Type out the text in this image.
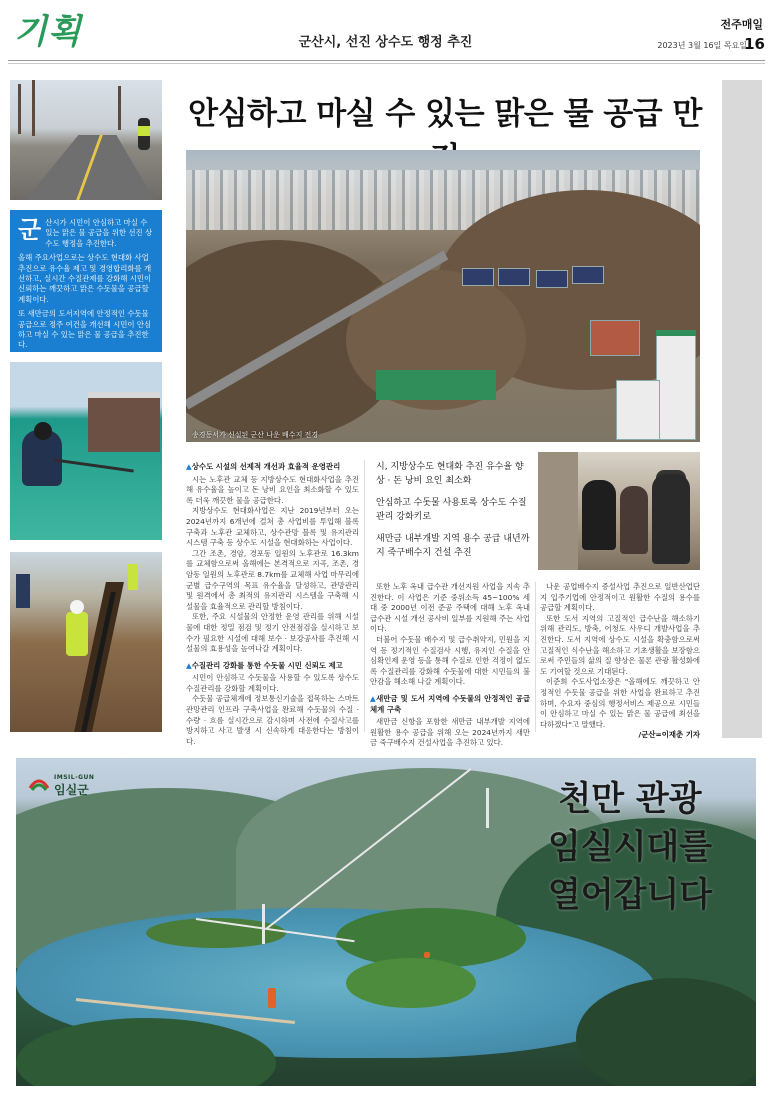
기획	군산시, 선진 상수도 행정 추진
전주매일
2023년 3월 16일 목요일
16
군 산시가 시민이 안심하고 마실 수 있는 맑은 물 공급을 위한 선진 상수도 행정을 추진한다.

올해 주요사업으로는 상수도 현대화 사업 추진으로 유수율 제고 및 경영합리화를 개선하고, 실시간 수질관제를 강화해 시민이 신뢰하는 깨끗하고 맑은 수돗물을 공급할 계획이다.

또 새만금의 도서지역에 안정적인 수돗물 공급으로 정주 여건을 개선해 시민이 안심하고 마실 수 있는 맑은 물 공급을 추진한다.

안심하고 마실 수 있는 맑은 물 공급 만
송경동서가 신설된 군산 나운 배수지 전경

▲상수도 시설의 선제적 개선과 효율적 운영관리

시는 노후관 교체 등 지방상수도 현대화사업을 추진해 유수율을 높이고 돈 낭비 요인을 최소화할 수 있도록 더욱 깨끗한 물을 공급한다.

지방상수도 현대화사업은 지난 2019년부터 오는 2024년까지 6개년에 걸쳐 총 사업비를 투입해 블록구축과 노후관 교체하고, 상수관망 블록 및 유지관리시스템 구축 등 상수도 시설을 현대화하는 사업이다.

그간 조촌, 경암, 경포동 일원의 노후관로 16.3km를 교체함으로써 올해에는 본격적으로 지곡, 조촌, 경암동 일원의 노후관로 8.7km를 교체해 사업 마무리에 군별 급수구역의 목표 유수율을 달성하고, 관망관리 및 원격에서 총 최적의 유지관리 시스템을 구축해 시설물을 효율적으로 관리할 방침이다.

또한, 주요 시설물의 안정한 운영 관리를 위해 시설물에 대한 정밀 점검 및 정기 안전점검을 실시하고 보수가 필요한 시설에 대해 보수 · 보강공사를 추진해 시설물의 효용성을 높여나갈 계획이다.

▲수질관리 강화를 통한 수돗물 시민 신뢰도 제고

시민이 안심하고 수돗물을 사용할 수 있도록 상수도 수질관리를 강화할 계획이다.

수돗물 공급체계에 정보통신기술을 접목하는 스마트 관망관리 인프라 구축사업을 완료해 수돗물의 수질 · 수량 · 흐름 실시간으로 감시하며 사전에 수질사고를 방지하고 사고 발생 시 신속하게 대응한다는 방침이다.

시, 지방상수도 현대화 추진 유수율 향상 · 돈 낭비 요인 최소화
안심하고 수돗물 사용토록 상수도 수질관리 강화키로
새만금 내부개발 지역 용수 공급 내년까지 죽구배수지 건설 추진

또한 노후 옥내 급수관 개선지원 사업을 지속 추진한다. 이 사업은 기준 중위소득 45~100% 세대 중 2000년 이전 준공 주택에 대해 노후 옥내 급수관 시설 개선 공사비 일부를 지원해 주는 사업이다.

더불어 수돗물 배수지 및 급수취약지, 민원을 지역 등 정기적인 수질검사 시행, 유지인 수질을 안심확인제 운영 등을 통해 수질로 인한 걱정이 없도록 수질관리를 강화해 수돗물에 대한 시민들의 불안감을 해소해 나갈 계획이다.

▲새만금 및 도서 지역에 수돗물의 안정적인 공급체계 구축

새만금 신항을 포함한 새만금 내부개발 지역에 원활한 용수 공급을 위해 오는 2024년까지 새만금 죽구배수지 건설사업을 추진하고 있다.

나운 공업배수지 증설사업 추진으로 일반산업단지 입주기업에 안정적이고 원활한 수질의 용수를 공급할 계획이다.

또한 도서 지역의 고질적인 급수난을 해소하기 위해 관리도, 방축, 어청도 사우디 개발사업을 추진한다. 도서 지역에 상수도 시설을 확충함으로써 고질적인 식수난을 해소하고 기초생활을 보장함으로써 주민들의 삶의 질 향상은 물론 관광 활성화에도 기여할 것으로 기대된다.

이준희 수도사업소장은 "올해에도 깨끗하고 안정적인 수돗물 공급을 위한 사업을 완료하고 추진하며, 수요자 중심의 행정서비스 제공으로 시민들이 안심하고 마실 수 있는 맑은 물 공급에 최선을 다하겠다"고 말했다.

/군산=이재춘 기자

IMSIL-GUN
임실군	천만 관광
임실시대를
열어갑니다
